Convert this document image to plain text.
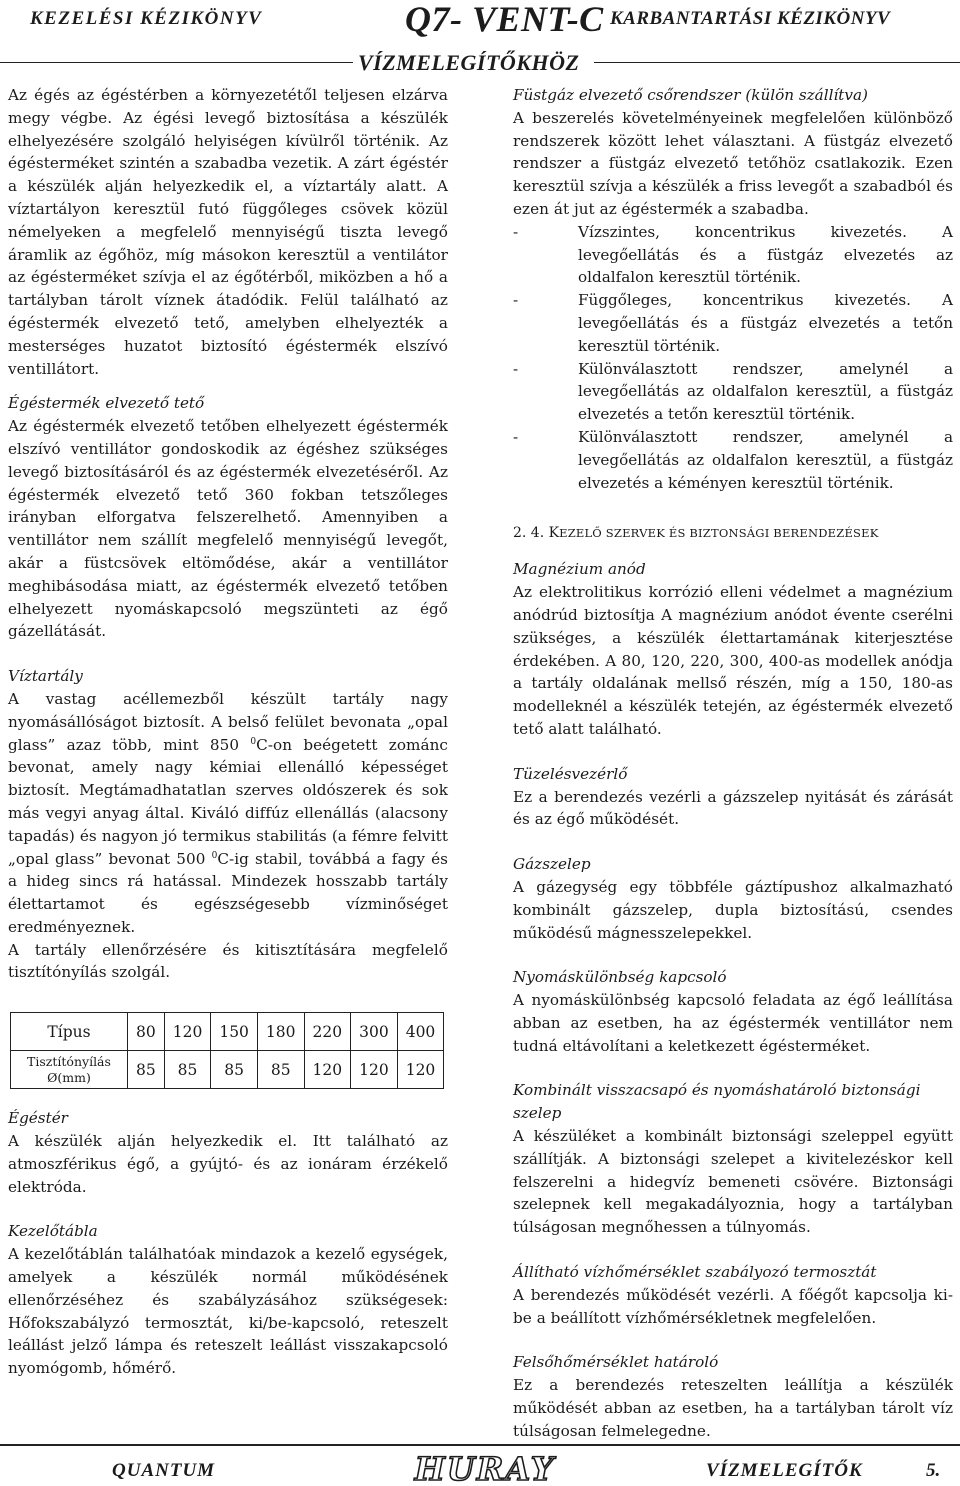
KEZELÉSI KÉZIKÖNYV	Q7- VENT-C KARBANTARTÁSI KÉZIKÖNYV
VÍZMELEGÍTŐKHÖZ

Az égés az égéstérben a környezetétől teljesen elzárva megy végbe. Az égési levegő biztosítása a készülék elhelyezésére szolgáló helyiségen kívülről történik. Az égésterméket szintén a szabadba vezetik. A zárt égéstér a készülék alján helyezkedik el, a víztartály alatt. A víztartályon keresztül futó függőleges csövek közül némelyeken a megfelelő mennyiségű tiszta levegő áramlik az égőhöz, míg másokon keresztül a ventilátor az égésterméket szívja el az égőtérből, miközben a hő a tartályban tárolt víznek átadódik. Felül található az égéstermék elvezető tető, amelyben elhelyezték a mesterséges huzatot biztosító égéstermék elszívó ventillátort.

Égéstermék elvezető tető

Az égéstermék elvezető tetőben elhelyezett égéstermék elszívó ventillátor gondoskodik az égéshez szükséges levegő biztosításáról és az égéstermék elvezetéséről. Az égéstermék elvezető tető 360 fokban tetszőleges irányban elforgatva felszerelhető. Amennyiben a ventillátor nem szállít megfelelő mennyiségű levegőt, akár a füstcsövek eltömődése, akár a ventillátor meghibásodása miatt, az égéstermék elvezető tetőben elhelyezett nyomáskapcsoló megszünteti az égő gázellátását.

Víztartály

A vastag acéllemezből készült tartály nagy nyomásállóságot biztosít. A belső felület bevonata „opal glass” azaz több, mint 850 $^0$C-on beégetett zománc bevonat, amely nagy kémiai ellenálló képességet biztosít. Megtámadhatatlan szerves oldószerek és sok más vegyi anyag által. Kiváló diffúz ellenállás (alacsony tapadás) és nagyon jó termikus stabilitás (a fémre felvitt „opal glass” bevonat 500 $^0$C-ig stabil, továbbá a fagy és a hideg sincs rá hatással. Mindezek hosszabb tartály élettartamot és egészségesebb vízminőséget eredményeznek.

A tartály ellenőrzésére és kitisztítására megfelelő tisztítónyílás szolgál.

Típus	80	120	150	180	220	300	400
Tisztítónyílás
Ø(mm)	85	85	85	85	120	120	120

Égéstér

A készülék alján helyezkedik el. Itt található az atmoszférikus égő, a gyújtó- és az ionáram érzékelő elektróda.

Kezelőtábla

A kezelőtáblán találhatóak mindazok a kezelő egységek, amelyek a készülék normál működésének ellenőrzéséhez és szabályzásához szükségesek: Hőfokszabályzó termosztát, ki/be-kapcsoló, reteszelt leállást jelző lámpa és reteszelt leállást visszakapcsoló nyomógomb, hőmérő.

Füstgáz elvezető csőrendszer (külön szállítva)

A beszerelés követelményeinek megfelelően különböző rendszerek között lehet választani. A füstgáz elvezető rendszer a füstgáz elvezető tetőhöz csatlakozik. Ezen keresztül szívja a készülék a friss levegőt a szabadból és ezen át jut az égéstermék a szabadba.

-	Vízszintes, koncentrikus kivezetés. A levegőellátás és a füstgáz elvezetés az oldalfalon keresztül történik.
-	Függőleges, koncentrikus kivezetés. A levegőellátás és a füstgáz elvezetés a tetőn keresztül történik.
-	Különválasztott rendszer, amelynél a levegőellátás az oldalfalon keresztül, a füstgáz elvezetés a tetőn keresztül történik.
-	Különválasztott rendszer, amelynél a levegőellátás az oldalfalon keresztül, a füstgáz elvezetés a kéményen keresztül történik.

2. 4. KEZELŐ SZERVEK ÉS BIZTONSÁGI BERENDEZÉSEK

Magnézium anód

Az elektrolitikus korrózió elleni védelmet a magnézium anódrúd biztosítja A magnézium anódot évente cserélni szükséges, a készülék élettartamának kiterjesztése érdekében. A 80, 120, 220, 300, 400-as modellek anódja a tartály oldalának mellső részén, míg a 150, 180-as modelleknél a készülék tetején, az égéstermék elvezető tető alatt található.

Tüzelésvezérlő

Ez a berendezés vezérli a gázszelep nyitását és zárását és az égő működését.

Gázszelep

A gázegység egy többféle gáztípushoz alkalmazható kombinált gázszelep, dupla biztosítású, csendes működésű mágnesszelepekkel.

Nyomáskülönbség kapcsoló

A nyomáskülönbség kapcsoló feladata az égő leállítása abban az esetben, ha az égéstermék ventillátor nem tudná eltávolítani a keletkezett égésterméket.

Kombinált visszacsapó és nyomáshatároló biztonsági szelep

A készüléket a kombinált biztonsági szeleppel együtt szállítják. A biztonsági szelepet a kivitelezéskor kell felszerelni a hidegvíz bemeneti csövére. Biztonsági szelepnek kell megakadályoznia, hogy a tartályban túlságosan megnőhessen a túlnyomás.

Állítható vízhőmérséklet szabályozó termosztát

A berendezés működését vezérli. A főégőt kapcsolja ki-be a beállított vízhőmérsékletnek megfelelően.

Felsőhőmérséklet határoló

Ez a berendezés reteszelten leállítja a készülék működését abban az esetben, ha a tartályban tárolt víz túlságosan felmelegedne.

QUANTUM	HURAY	VÍZMELEGÍTŐK	5.
